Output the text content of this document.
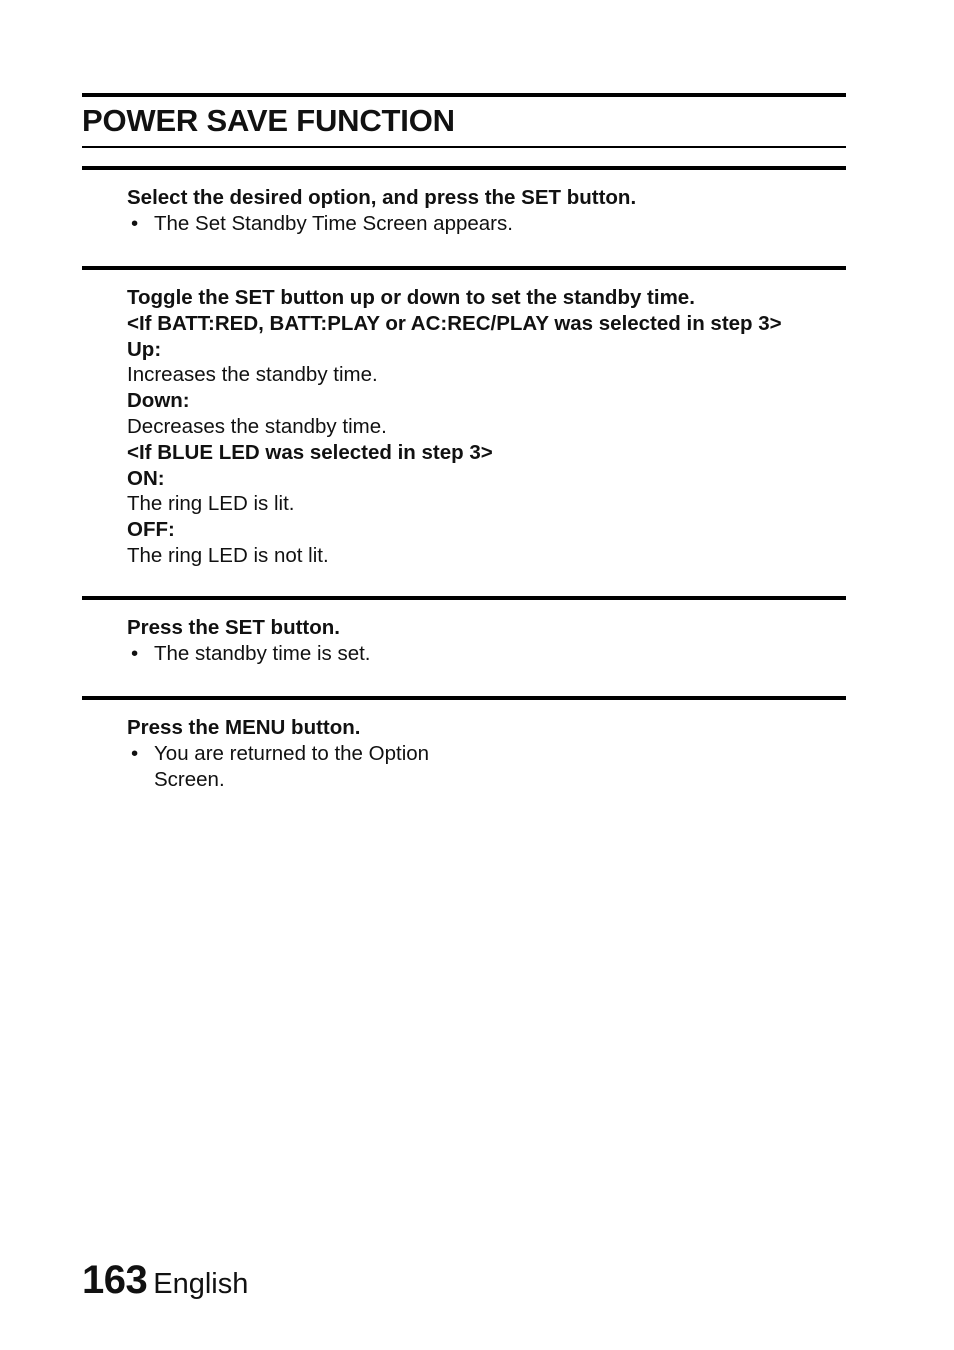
POWER SAVE FUNCTION
Select the desired option, and press the SET button.
• The Set Standby Time Screen appears.
Toggle the SET button up or down to set the standby time.
<If BATT:RED, BATT:PLAY or AC:REC/PLAY was selected in step 3>
Up:
Increases the standby time.
Down:
Decreases the standby time.
<If BLUE LED was selected in step 3>
ON:
The ring LED is lit.
OFF:
The ring LED is not lit.
Press the SET button.
• The standby time is set.
Press the MENU button.
• You are returned to the Option
Screen.
163 English
